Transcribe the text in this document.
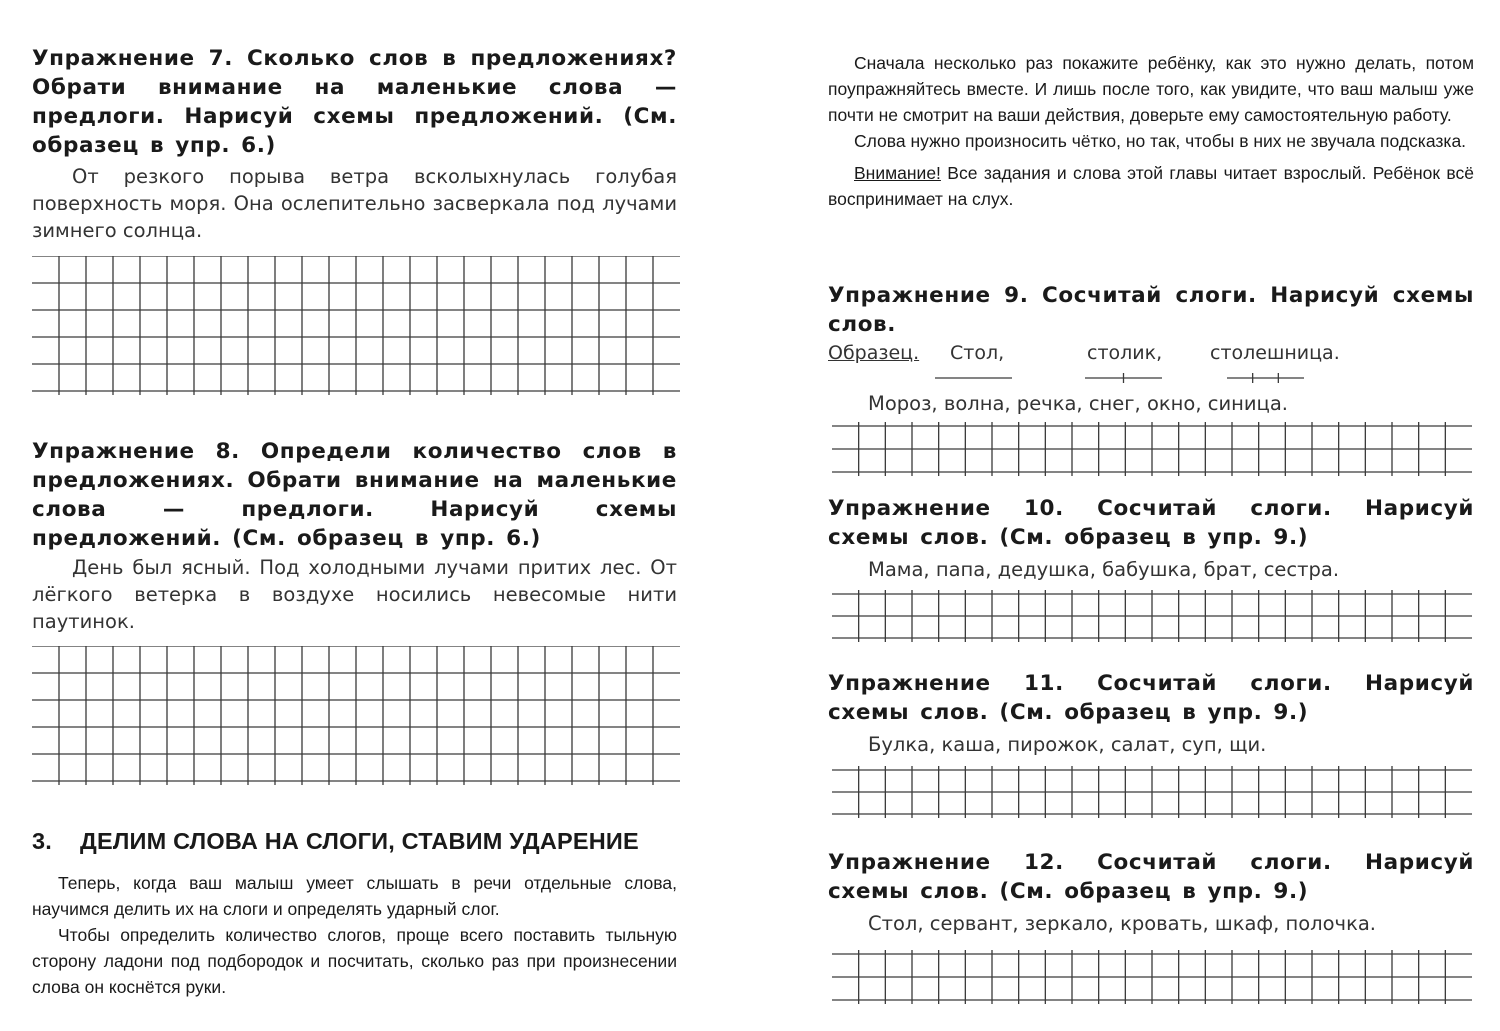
Упражнение 7. Сколько слов в предложениях? Обрати внимание на маленькие слова — предлоги. Нарисуй схемы предложений. (См. образец в упр. 6.)

От резкого порыва ветра всколыхнулась голубая поверхность моря. Она ослепительно засверкала под лучами зимнего солнца.

Упражнение 8. Определи количество слов в предложениях. Обрати внимание на маленькие слова — предлоги. Нарисуй схемы предложений. (См. образец в упр. 6.)

День был ясный. Под холодными лучами притих лес. От лёгкого ветерка в воздухе носились невесомые нити паутинок.

3. ДЕЛИМ СЛОВА НА СЛОГИ, СТАВИМ УДАРЕНИЕ

Теперь, когда ваш малыш умеет слышать в речи отдельные слова, научимся делить их на слоги и определять ударный слог.

Чтобы определить количество слогов, проще всего поставить тыльную сторону ладони под подбородок и посчитать, сколько раз при произнесении слова он коснётся руки.

Сначала несколько раз покажите ребёнку, как это нужно делать, потом поупражняйтесь вместе. И лишь после того, как увидите, что ваш малыш уже почти не смотрит на ваши действия, доверьте ему самостоятельную работу.

Слова нужно произносить чётко, но так, чтобы в них не звучала подсказка.

Внимание! Все задания и слова этой главы читает взрослый. Ребёнок всё воспринимает на слух.

Упражнение 9. Сосчитай слоги. Нарисуй схемы слов.

Образец. Стол,	столик,	столешница.

Мороз, волна, речка, снег, окно, синица.

Упражнение 10. Сосчитай слоги. Нарисуй схемы слов. (См. образец в упр. 9.)

Мама, папа, дедушка, бабушка, брат, сестра.

Упражнение 11. Сосчитай слоги. Нарисуй схемы слов. (См. образец в упр. 9.)

Булка, каша, пирожок, салат, суп, щи.

Упражнение 12. Сосчитай слоги. Нарисуй схемы слов. (См. образец в упр. 9.)

Стол, сервант, зеркало, кровать, шкаф, полочка.
